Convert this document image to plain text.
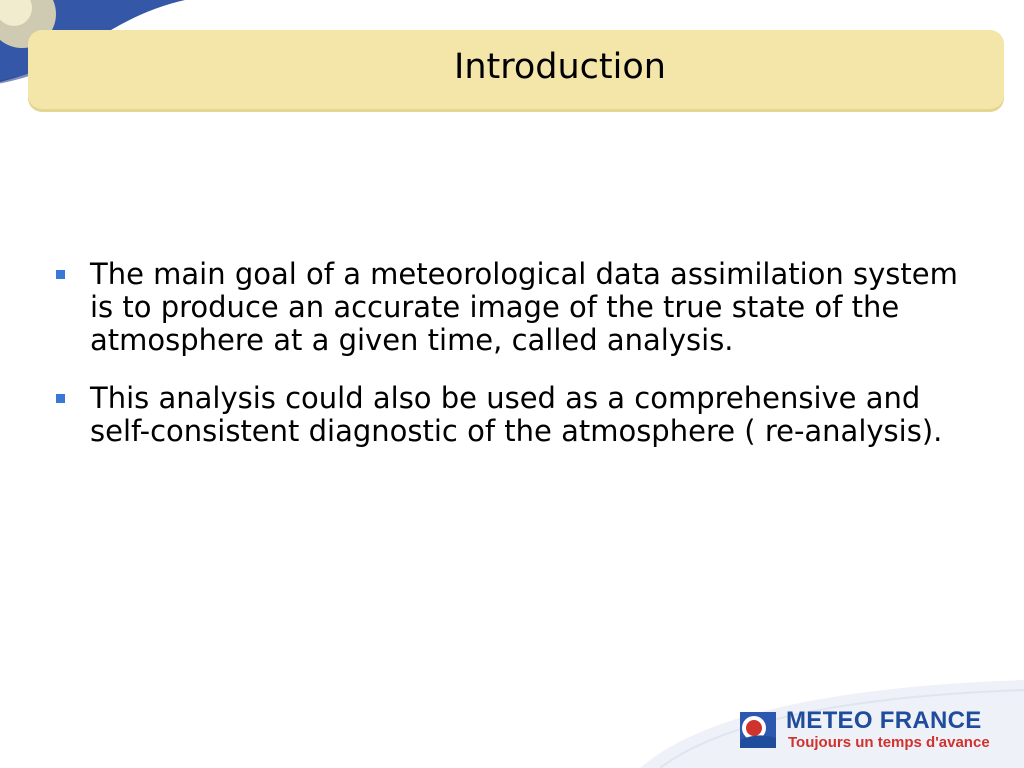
Introduction
The main goal of a meteorological data assimilation system is to produce an accurate image of the true state of the atmosphere at a given time, called analysis.
This analysis could also be used as a comprehensive and self-consistent diagnostic of the atmosphere ( re-analysis).
METEO FRANCE
Toujours un temps d'avance
